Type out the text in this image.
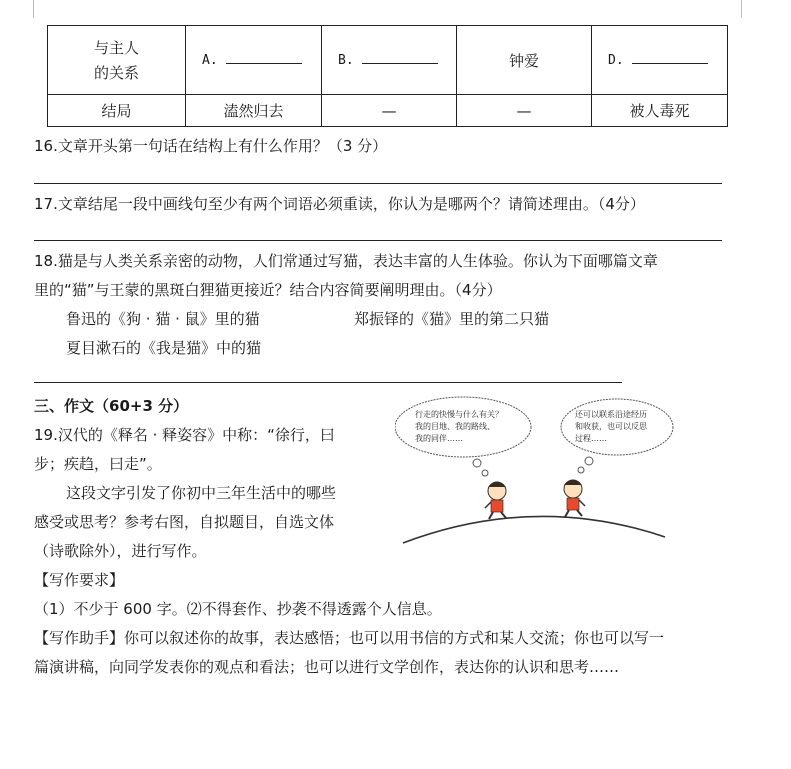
与主人
的关系	A.	B.	钟爱	D.
结局	溘然归去	—	—	被人毒死
16.文章开头第一句话在结构上有什么作用？（3 分）
17.文章结尾一段中画线句至少有两个词语必须重读，你认为是哪两个？请简述理由。（4分）
18.猫是与人类关系亲密的动物，人们常通过写猫，表达丰富的人生体验。你认为下面哪篇文章
里的“猫”与王蒙的黑斑白狸猫更接近？结合内容简要阐明理由。（4分）
鲁迅的《狗 · 猫 · 鼠》里的猫	郑振铎的《猫》里的第二只猫
夏目漱石的《我是猫》中的猫
三、作文（60+3 分）
19.汉代的《释名 · 释姿容》中称：“徐行，曰
步；疾趋，曰走”。
这段文字引发了你初中三年生活中的哪些
感受或思考？参考右图，自拟题目，自选文体
（诗歌除外），进行写作。
【写作要求】
（1）不少于 600 字。⑵不得套作、抄袭不得透露个人信息。
【写作助手】你可以叙述你的故事，表达感悟；也可以用书信的方式和某人交流；你也可以写一
篇演讲稿，向同学发表你的观点和看法；也可以进行文学创作，表达你的认识和思考……
行走的快慢与什么有关？
我的目地、我的路线、
我的同伴……
还可以联系沿途经历
和收获，也可以反思
过程……
